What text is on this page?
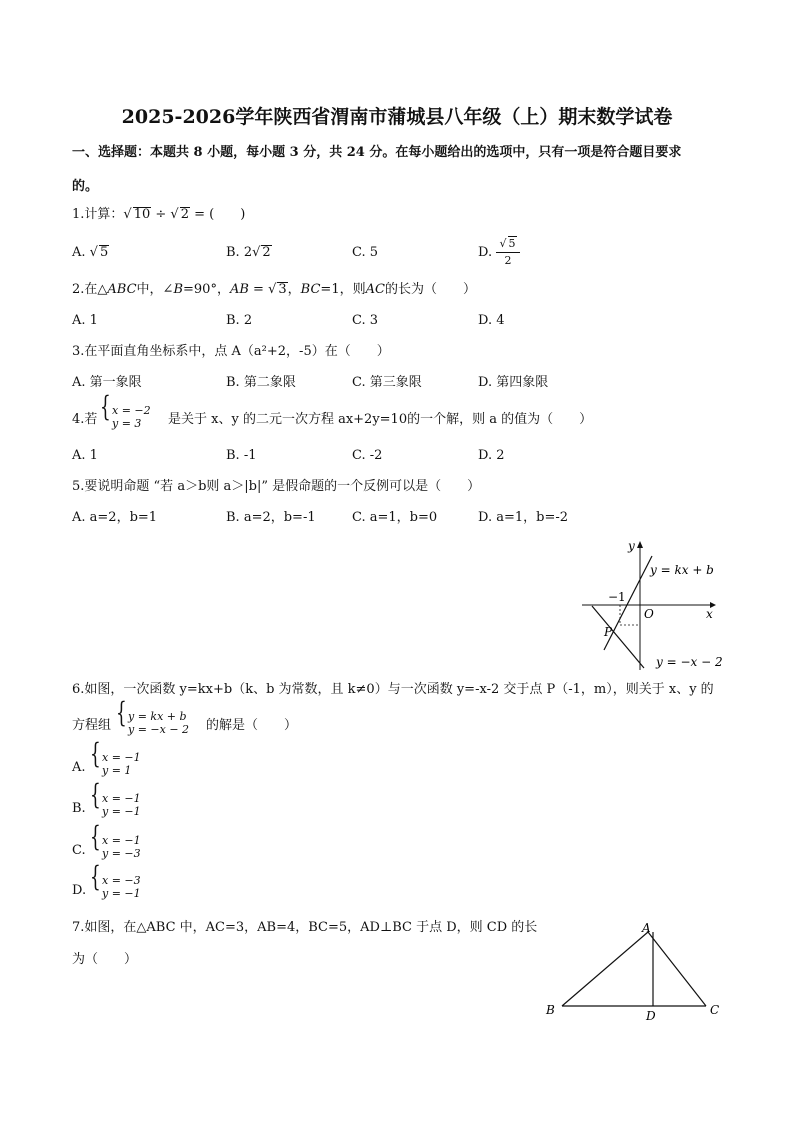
2025-2026学年陕西省渭南市蒲城县八年级（上）期末数学试卷
一、选择题：本题共 8 小题，每小题 3 分，共 24 分。在每小题给出的选项中，只有一项是符合题目要求
的。
1.计算：√ 10 ÷ √ 2 = (　　)
A. √ 5	B. 2√ 2	C. 5	D.
√ 5
2
2.在△ABC中，∠B=90°，AB = √ 3，BC=1，则AC的长为（　　）
A. 1	B. 2	C. 3	D. 4
3.在平面直角坐标系中，点 A（a²+2，-5）在（　　）
A. 第一象限	B. 第二象限	C. 第三象限	D. 第四象限
4.若 { x = −2
y = 3	是关于 x、y 的二元一次方程 ax+2y=10的一个解，则 a 的值为（　　）
A. 1	B. -1	C. -2	D. 2
5.要说明命题 “若 a＞b则 a＞|b|” 是假命题的一个反例可以是（　　）
A. a=2，b=1	B. a=2，b=-1	C. a=1，b=0	D. a=1，b=-2
y
x
O
−1
P
y = kx + b
y = −x − 2
6.如图，一次函数 y=kx+b（k、b 为常数，且 k≠0）与一次函数 y=-x-2 交于点 P（-1，m），则关于 x、y 的
方程组 { y = kx + b
y = −x − 2 的解是（　　）
A. { x = −1
y = 1
B. { x = −1
y = −1
C. { x = −1
y = −3
D. { x = −3
y = −1
7.如图，在△ABC 中，AC=3，AB=4，BC=5，AD⊥BC 于点 D，则 CD 的长
为（　　）
A
B	C
D
